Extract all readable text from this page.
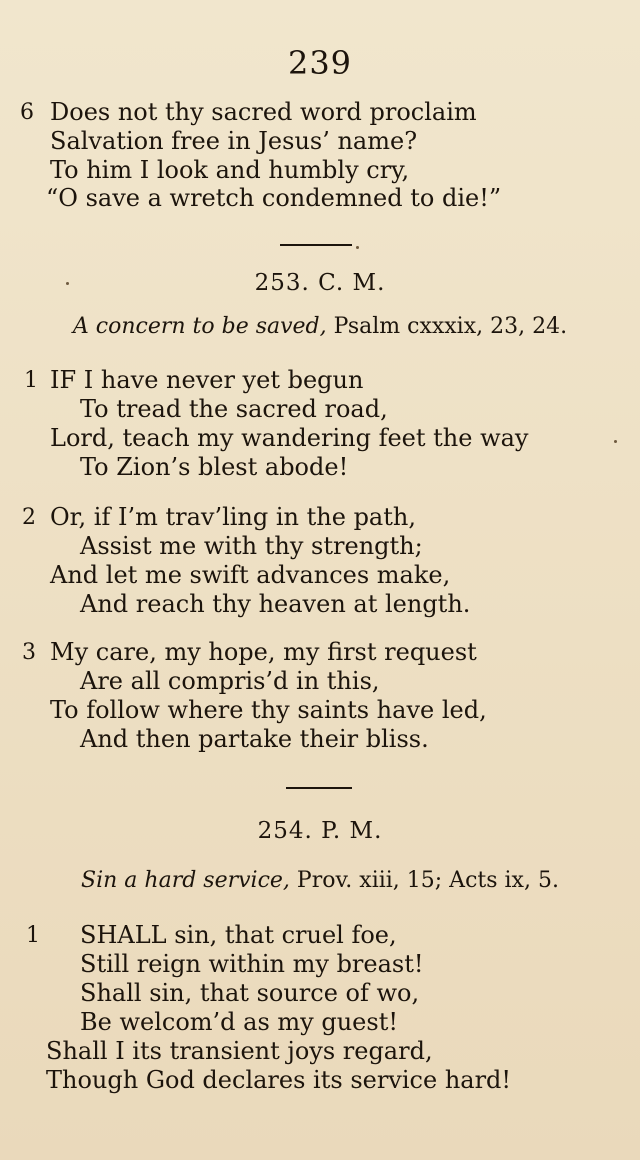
239
6 Does not thy sacred word proclaim
Salvation free in Jesus’ name?
To him I look and humbly cry,
“O save a wretch condemned to die!”
253. C. M.
A concern to be saved, Psalm cxxxix, 23, 24.
1 IF I have never yet begun
To tread the sacred road,
Lord, teach my wandering feet the way
To Zion’s blest abode!
2 Or, if I’m trav’ling in the path,
Assist me with thy strength;
And let me swift advances make,
And reach thy heaven at length.
3 My care, my hope, my first request
Are all compris’d in this,
To follow where thy saints have led,
And then partake their bliss.
254. P. M.
Sin a hard service, Prov. xiii, 15; Acts ix, 5.
1 SHALL sin, that cruel foe,
Still reign within my breast!
Shall sin, that source of wo,
Be welcom’d as my guest!
Shall I its transient joys regard,
Though God declares its service hard!
